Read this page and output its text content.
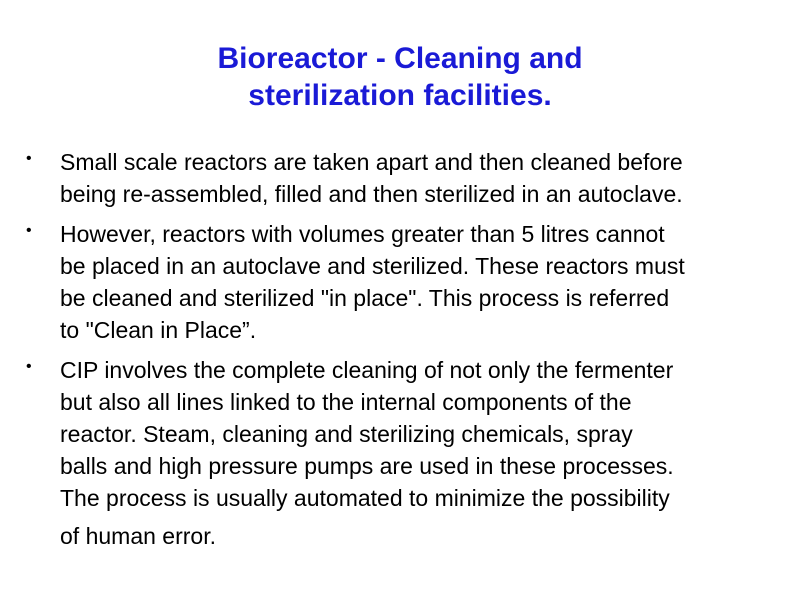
Bioreactor - Cleaning and
sterilization facilities.
• Small scale reactors are taken apart and then cleaned before
being re-assembled, filled and then sterilized in an autoclave.
• However, reactors with volumes greater than 5 litres cannot
be placed in an autoclave and sterilized. These reactors must
be cleaned and sterilized "in place". This process is referred
to "Clean in Place”.
• CIP involves the complete cleaning of not only the fermenter
but also all lines linked to the internal components of the
reactor. Steam, cleaning and sterilizing chemicals, spray
balls and high pressure pumps are used in these processes.
The process is usually automated to minimize the possibility
of human error.
